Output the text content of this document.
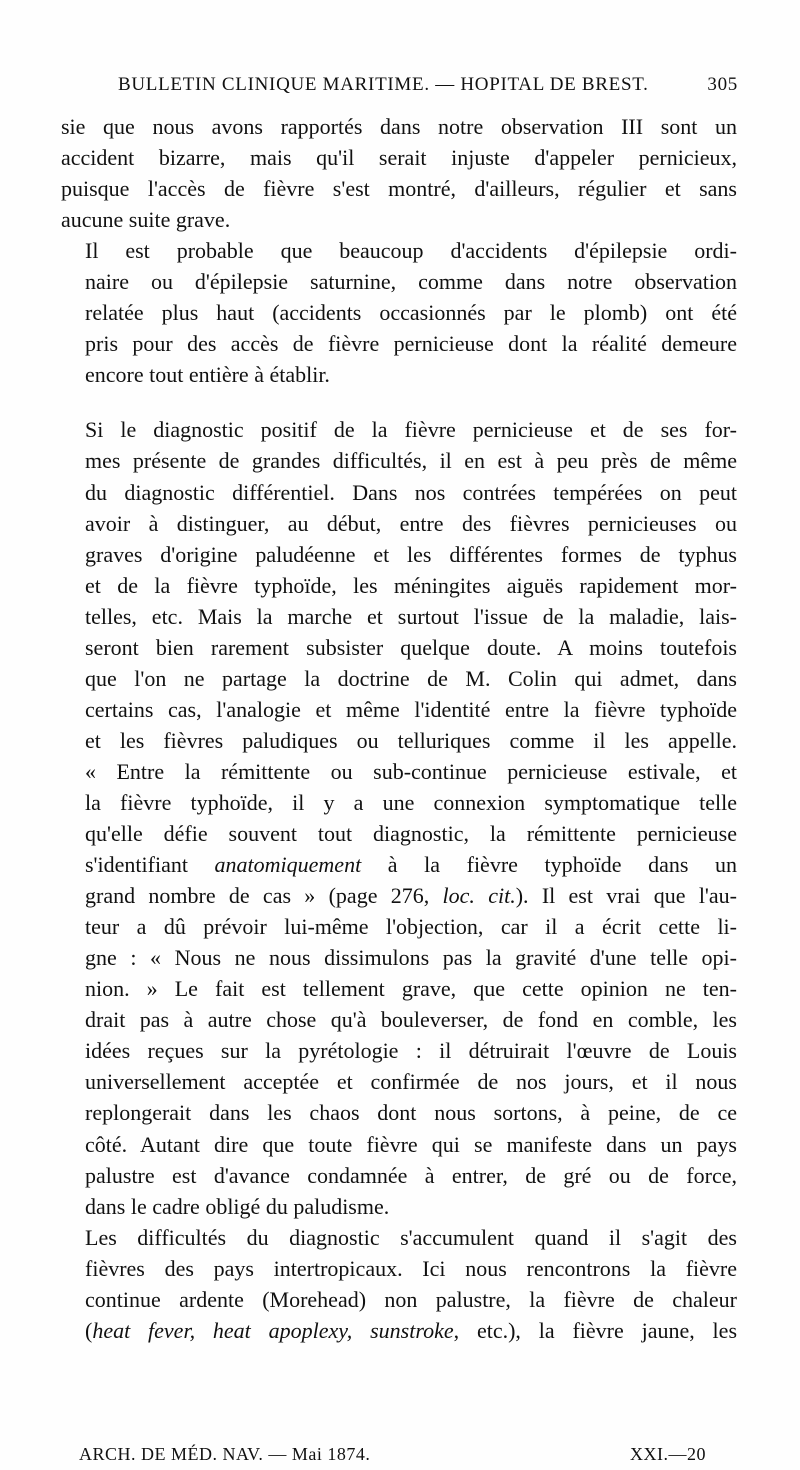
BULLETIN CLINIQUE MARITIME. — HOPITAL DE BREST.	305

sie que nous avons rapportés dans notre observation III sont un
accident bizarre, mais qu'il serait injuste d'appeler pernicieux,
puisque l'accès de fièvre s'est montré, d'ailleurs, régulier et sans
aucune suite grave.

Il est probable que beaucoup d'accidents d'épilepsie ordi-
naire ou d'épilepsie saturnine, comme dans notre observation
relatée plus haut (accidents occasionnés par le plomb) ont été
pris pour des accès de fièvre pernicieuse dont la réalité demeure
encore tout entière à établir.

Si le diagnostic positif de la fièvre pernicieuse et de ses for-
mes présente de grandes difficultés, il en est à peu près de même
du diagnostic différentiel. Dans nos contrées tempérées on peut
avoir à distinguer, au début, entre des fièvres pernicieuses ou
graves d'origine paludéenne et les différentes formes de typhus
et de la fièvre typhoïde, les méningites aiguës rapidement mor-
telles, etc. Mais la marche et surtout l'issue de la maladie, lais-
seront bien rarement subsister quelque doute. A moins toutefois
que l'on ne partage la doctrine de M. Colin qui admet, dans
certains cas, l'analogie et même l'identité entre la fièvre typhoïde
et les fièvres paludiques ou telluriques comme il les appelle.
« Entre la rémittente ou sub-continue pernicieuse estivale, et
la fièvre typhoïde, il y a une connexion symptomatique telle
qu'elle défie souvent tout diagnostic, la rémittente pernicieuse
s'identifiant anatomiquement à la fièvre typhoïde dans un
grand nombre de cas » (page 276, loc. cit.). Il est vrai que l'au-
teur a dû prévoir lui-même l'objection, car il a écrit cette li-
gne : « Nous ne nous dissimulons pas la gravité d'une telle opi-
nion. » Le fait est tellement grave, que cette opinion ne ten-
drait pas à autre chose qu'à bouleverser, de fond en comble, les
idées reçues sur la pyrétologie : il détruirait l'œuvre de Louis
universellement acceptée et confirmée de nos jours, et il nous
replongerait dans les chaos dont nous sortons, à peine, de ce
côté. Autant dire que toute fièvre qui se manifeste dans un pays
palustre est d'avance condamnée à entrer, de gré ou de force,
dans le cadre obligé du paludisme.

Les difficultés du diagnostic s'accumulent quand il s'agit des
fièvres des pays intertropicaux. Ici nous rencontrons la fièvre
continue ardente (Morehead) non palustre, la fièvre de chaleur
(heat fever, heat apoplexy, sunstroke, etc.), la fièvre jaune, les

ARCH. DE MÉD. NAV. — Mai 1874.	XXI.—20
